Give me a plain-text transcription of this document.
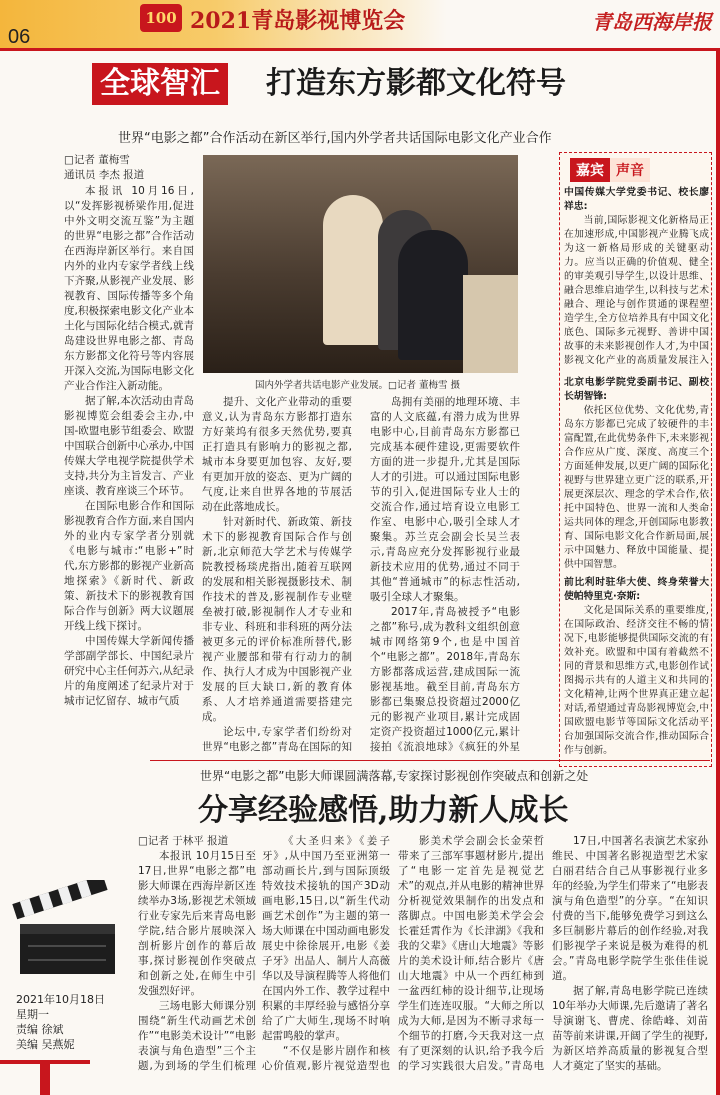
06
100 2021青岛影视博览会	青岛西海岸报
全球智汇 打造东方影都文化符号
世界“电影之都”合作活动在新区举行,国内外学者共话国际电影文化产业合作
□记者 董梅雪
通讯员 李杰 报道

本报讯 10月16日,以“发挥影视桥梁作用,促进中外文明交流互鉴”为主题的世界“电影之都”合作活动在西海岸新区举行。来自国内外的业内专家学者线上线下齐聚,从影视产业发展、影视教育、国际传播等多个角度,积极探索电影文化产业本土化与国际化结合模式,就青岛建设世界电影之都、青岛东方影都文化符号等内容展开深入交流,为国际电影文化产业合作注入新动能。

据了解,本次活动由青岛影视博览会组委会主办,中国-欧盟电影节组委会、欧盟中国联合创新中心承办,中国传媒大学电视学院提供学术支持,共分为主旨发言、产业座谈、教育座谈三个环节。

在国际电影合作和国际影视教育合作方面,来自国内外的业内专家学者分别就《电影与城市:“电影+”时代,东方影都的影视产业新高地探索》《新时代、新政策、新技术下的影视教育国际合作与创新》两大议题展开线上线下探讨。

中国传媒大学新闻传播学部副学部长、中国纪录片研究中心主任何苏六,从纪录片的角度阐述了纪录片对于城市记忆留存、城市气质

国内外学者共话电影产业发展。□记者 董梅雪 摄

提升、文化产业带动的重要意义,认为青岛东方影都打造东方好莱坞有很多天然优势,要真正打造具有影响力的影视之都,城市本身要更加包容、友好,要有更加开放的姿态、更为广阔的气度,让来自世界各地的节展活动在此落地成长。

针对新时代、新政策、新技术下的影视教育国际合作与创新,北京师范大学艺术与传媒学院教授杨琰虎指出,随着互联网的发展和相关影视摄影技术、制作技术的普及,影视制作专业壁垒被打破,影视制作人才专业和非专业、科班和非科班的两分法被更多元的评价标准所替代,影视产业腰部和带有行动力的制作、执行人才成为中国影视产业发展的巨大缺口,新的教育体系、人才培养通道需要搭建完成。

论坛中,专家学者们纷纷对世界“电影之都”青岛在国际的知

岛拥有美丽的地理环境、丰富的人文底蕴,有潜力成为世界电影中心,目前青岛东方影都已完成基本硬件建设,更需要软件方面的进一步提升,尤其是国际人才的引进。可以通过国际电影节的引入,促进国际专业人士的交流合作,通过培育设立电影工作室、电影中心,吸引全球人才聚集。苏兰克会副会长吴兰表示,青岛应充分发挥影视行业最新技术应用的优势,通过不同于其他“普通城市”的标志性活动,吸引全球人才聚集。

2017年,青岛被授予“电影之都”称号,成为教科文组织创意城市网络第9个,也是中国首个“电影之都”。2018年,青岛东方影都落成运营,建成国际一流影视基地。截至目前,青岛东方影都已集聚总投资超过2000亿元的影视产业项目,累计完成固定资产投资超过1000亿元,累计接拍《流浪地球》《疯狂的外星

嘉宾 声音
中国传媒大学党委书记、校长廖祥忠:
当前,国际影视文化新格局正在加速形成,中国影视产业腾飞成为这一新格局形成的关键驱动力。应当以正确的价值观、健全的审美观引导学生,以设计思维、融合思维启迪学生,以科技与艺术融合、理论与创作贯通的课程塑造学生,全方位培养具有中国文化底色、国际多元视野、善讲中国故事的未来影视创作人才,为中国影视文化产业的高质量发展注入
北京电影学院党委副书记、副校长胡智锋:
依托区位优势、文化优势,青岛东方影都已完成了较硬件的丰富配置,在此优势条件下,未来影视合作应从广度、深度、高度三个方面延伸发展,以更广阔的国际化视野与世界建立更广泛的联系,开展更深层次、理念的学术合作,依托中国特色、世界一流和人类命运共同体的理念,开创国际电影教育、国际电影文化合作新局面,展示中国魅力、释放中国能量、提供中国智慧。
前比利时驻华大使、终身荣誉大使帕特里克·奈斯:
文化是国际关系的重要维度,在国际政治、经济交往不畅的情况下,电影能够提供国际交流的有效补充。欧盟和中国有着截然不同的背景和思维方式,电影创作试图揭示共有的人道主义和共同的文化精神,让两个世界真正建立起对话,希望通过青岛影视博览会,中国欧盟电影节等国际文化活动平台加强国际交流合作,推动国际合作与创新。
世界“电影之都”电影大师课圆满落幕,专家探讨影视创作突破点和创新之处
分享经验感悟,助力新人成长
□记者 于林平 报道

本报讯 10月15日至17日,世界“电影之都”电影大师课在西海岸新区连续举办3场,影视艺术领域行业专家先后来青岛电影学院,结合影片展映深入剖析影片创作的幕后故事,探讨影视创作突破点和创新之处,在师生中引发强烈好评。

三场电影大师课分别围绕“新生代动画艺术创作”“电影美术设计”“电影表演与角色造型”三个主题,为到场的学生们梳理

《大圣归来》《姜子牙》,从中国乃至亚洲第一部动画长片,到与国际顶级特效技术接轨的国产3D动画电影,15日,以“新生代动画艺术创作”为主题的第一场大师课在中国动画电影发展史中徐徐展开,电影《姜子牙》出品人、制片人高薇华以及导演程腾等人将他们在国内外工作、教学过程中积累的丰厚经验与感悟分享给了广大师生,现场不时响起雷鸣般的掌声。

“不仅是影片剧作和核心价值观,影片视觉造型也

影美术学会副会长金荣哲带来了三部军事题材影片,提出了“电影一定首先是视觉艺术”的观点,并从电影的精神世界分析视觉效果制作的出发点和落脚点。中国电影美术学会会长霍廷霄作为《长津湖》《我和我的父辈》《唐山大地震》等影片的美术设计师,结合影片《唐山大地震》中从一个西红柿到一盆西红柿的设计细节,让现场学生们连连叹服。“大师之所以成为大师,是因为不断寻求每一个细节的打磨,今天我对这一点有了更深刻的认识,给予我今后的学习实践很大启发。”青岛电

17日,中国著名表演艺术家孙维民、中国著名影视造型艺术家白丽君结合自己从事影视行业多年的经验,为学生们带来了“电影表演与角色造型”的分享。“在知识付费的当下,能够免费学习到这么多巨制影片幕后的创作经验,对我们影视学子来说是极为难得的机会。”青岛电影学院学生张佳佳说道。

据了解,青岛电影学院已连续10年举办大师课,先后邀请了著名导演谢飞、曹虎、徐皓峰、刘苗苗等前来讲课,开阔了学生的视野,为新区培养高质量的影视复合型人才奠定了坚实的基础。

2021年10月18日
星期一
责编 徐斌
美编 吴燕妮
